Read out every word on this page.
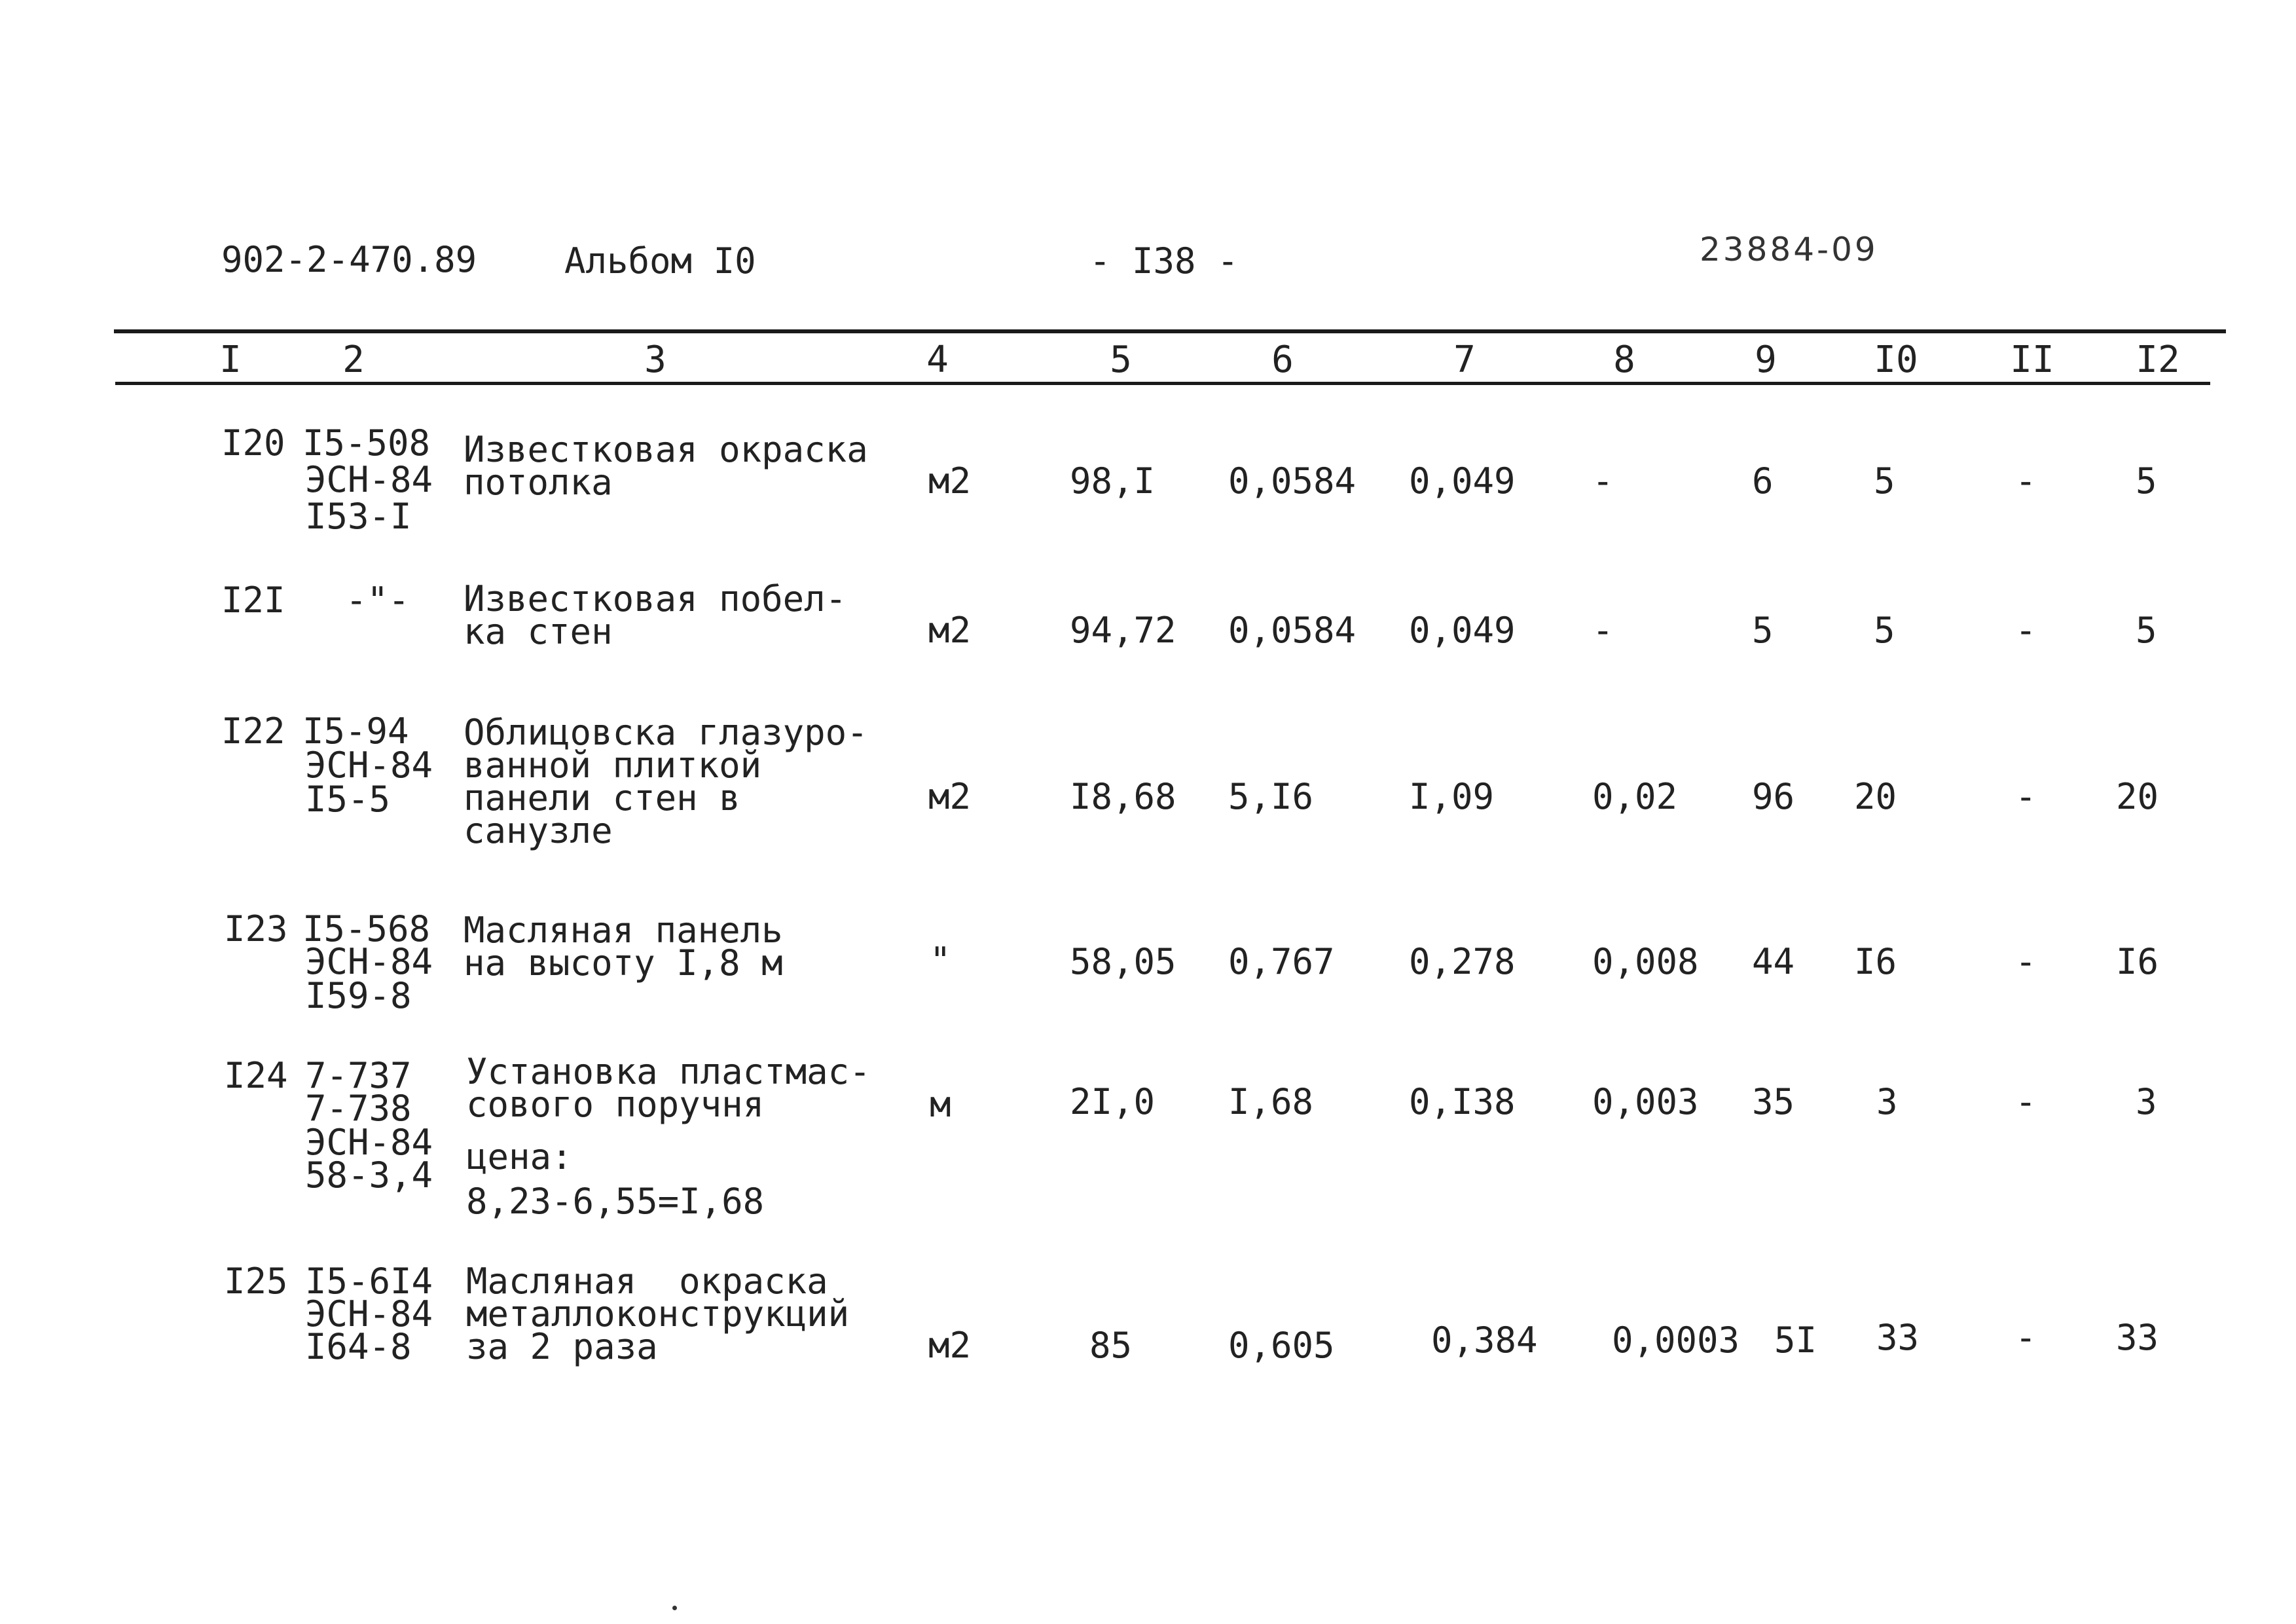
902-2-470.89 Альбом I0	- I38 -	23884-09
I	2	3	4	5	6	7	8	9	I0	II I2
I20 I5-508
ЭСН-84
I53-I
Известковая окраска
потолка	м2	98,I 0,0584 0,049 -	6	5	-	5
I2I -"- Известковая побел-
ка стен	м2	94,72 0,0584 0,049 -	5	5	-	5
I22 I5-94
ЭСН-84
I5-5
Облицовска глазуро-
ванной плиткой
панели стен в
санузле
м2	I8,68 5,I6	I,09	0,02 96 20	- 20
I23 I5-568
ЭСН-84
I59-8
Масляная панель
на высоту I,8 м	"	58,05 0,767 0,278 0,008 44 I6	- I6
I24 7-737
7-738
ЭСН-84
58-3,4
Установка пластмас-
сового поручня
цена:
8,23-6,55=I,68
м	2I,0 I,68	0,I38 0,003 35 3	-	3
I25 I5-6I4
ЭСН-84
I64-8
Масляная  окраска
металлоконструкций
за 2 раза	м2	85	0,605	0,384 0,0003 5I 33	- 33
